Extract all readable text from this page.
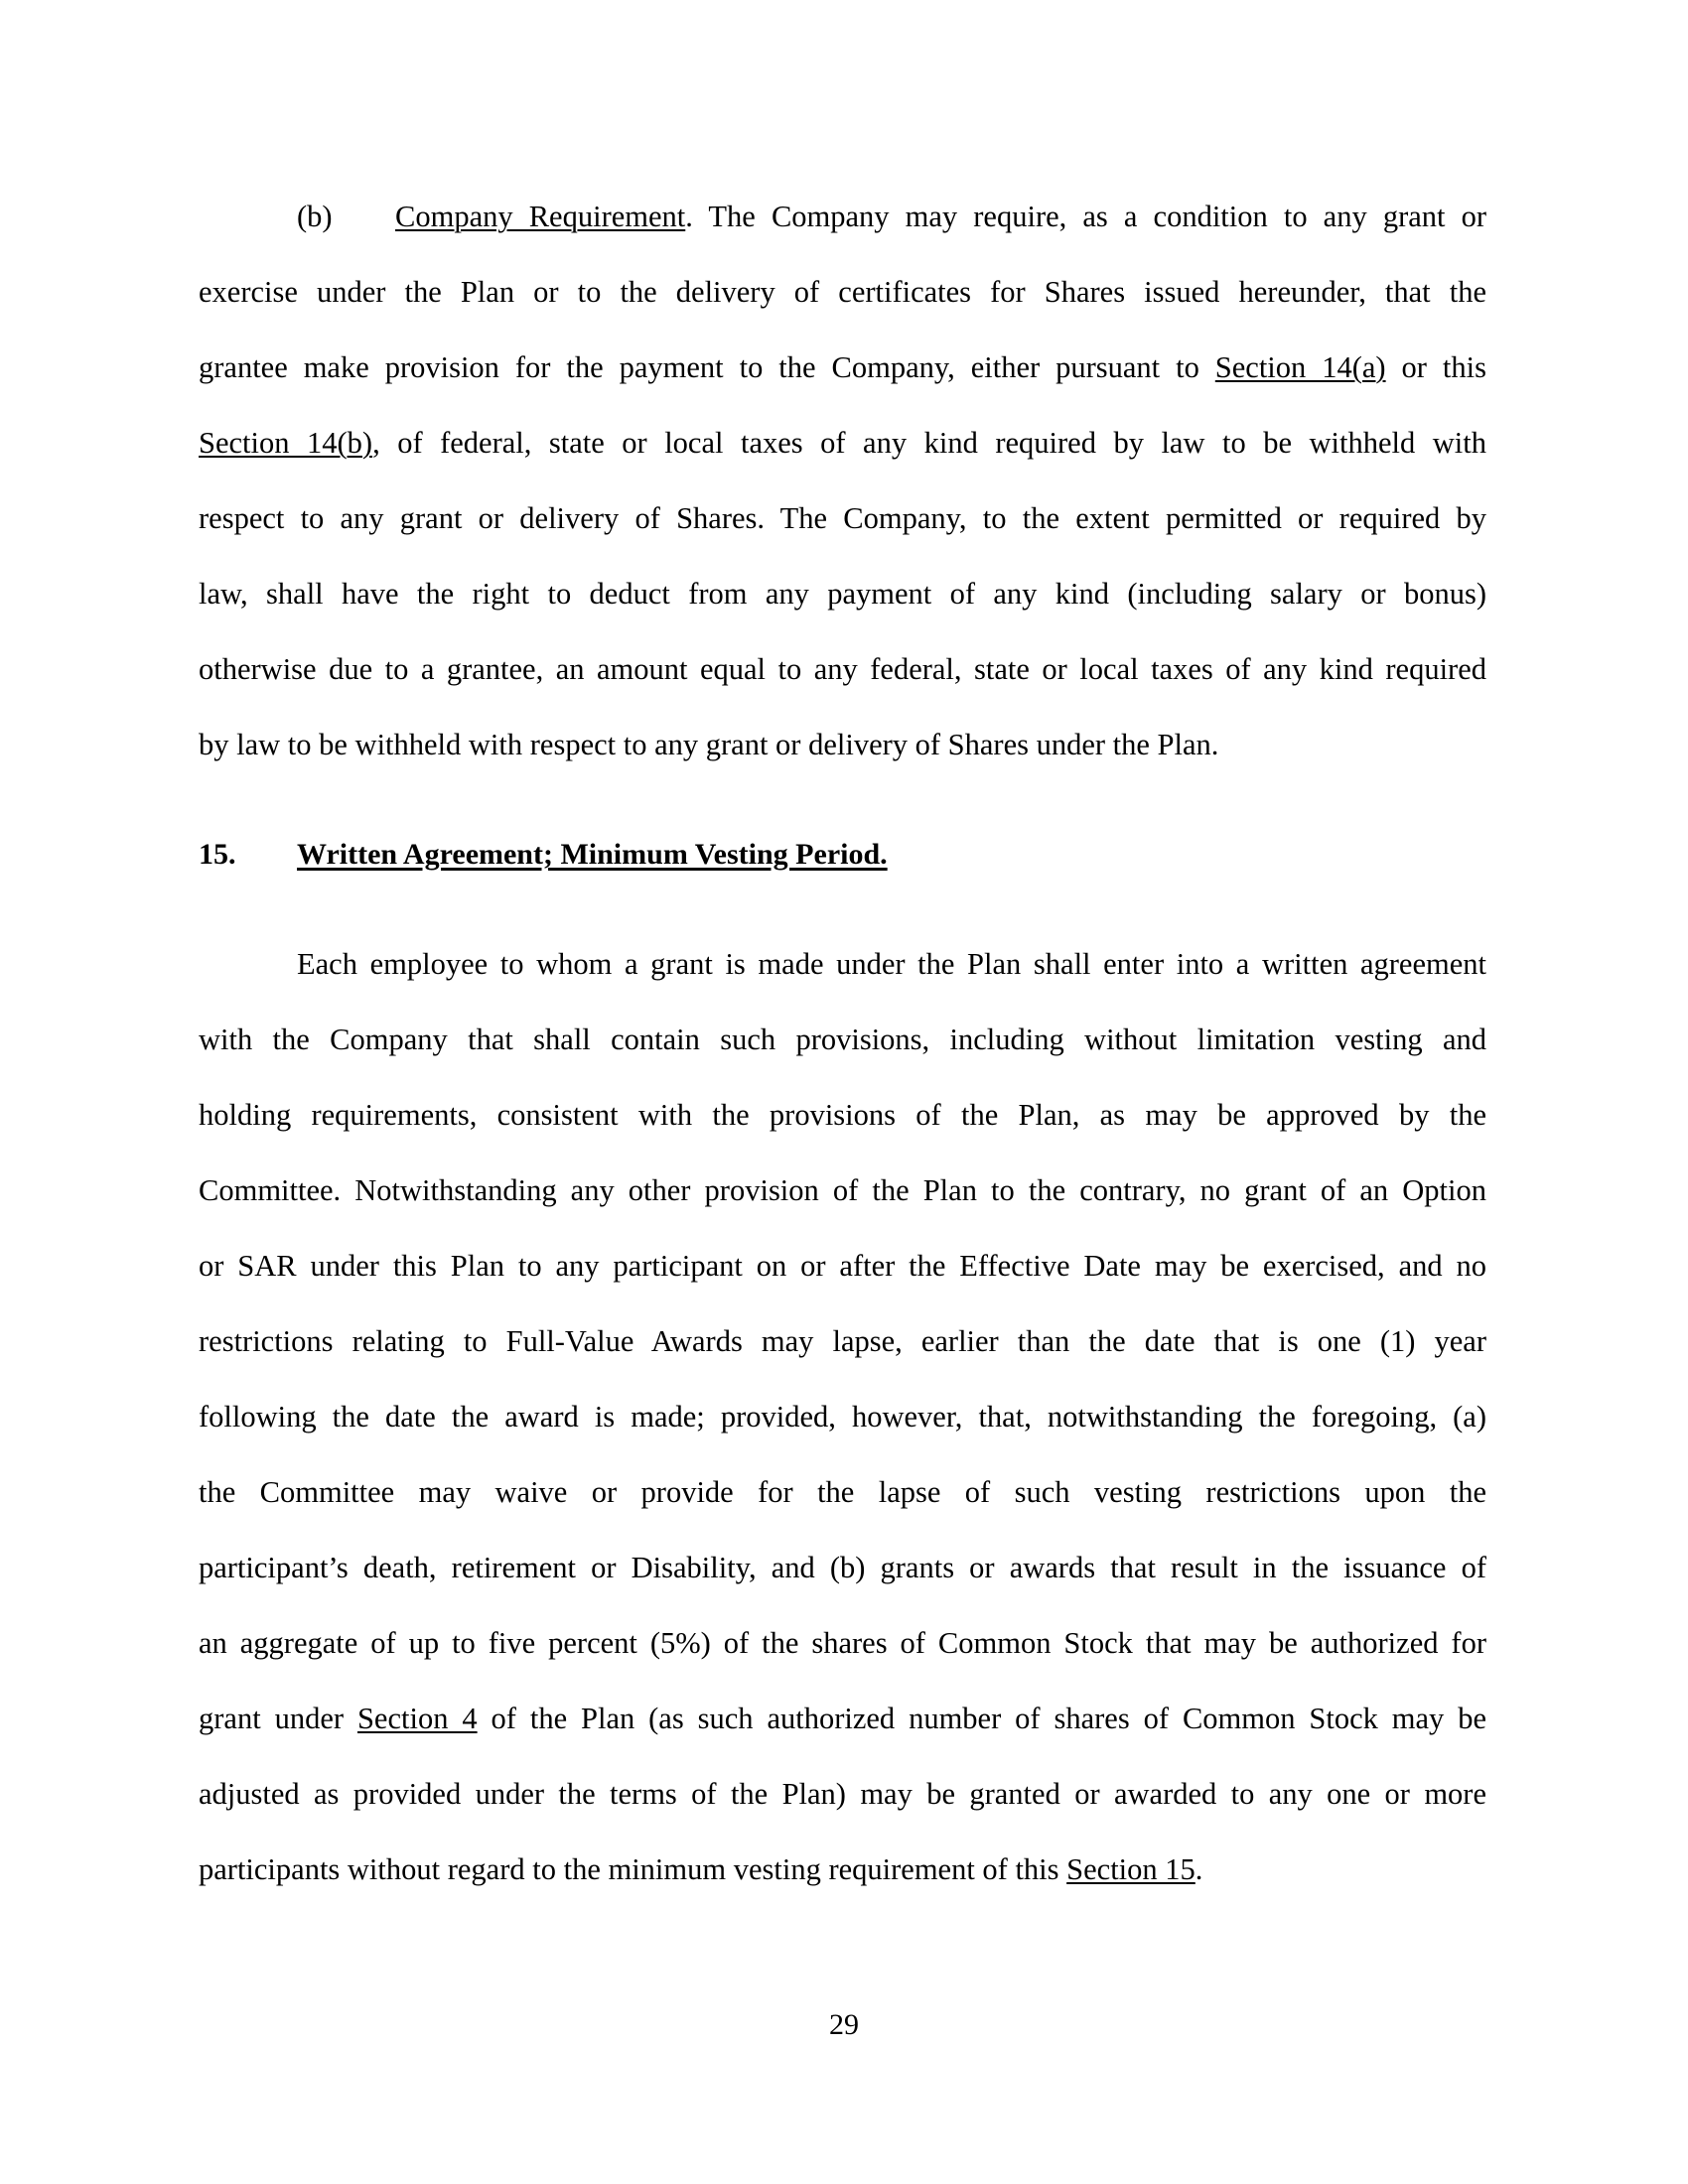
(b) Company Requirement. The Company may require, as a condition to any grant or
exercise under the Plan or to the delivery of certificates for Shares issued hereunder, that the
grantee make provision for the payment to the Company, either pursuant to Section 14(a) or this
Section 14(b), of federal, state or local taxes of any kind required by law to be withheld with
respect to any grant or delivery of Shares. The Company, to the extent permitted or required by
law, shall have the right to deduct from any payment of any kind (including salary or bonus)
otherwise due to a grantee, an amount equal to any federal, state or local taxes of any kind required
by law to be withheld with respect to any grant or delivery of Shares under the Plan.
15. Written Agreement; Minimum Vesting Period.
Each employee to whom a grant is made under the Plan shall enter into a written agreement
with the Company that shall contain such provisions, including without limitation vesting and
holding requirements, consistent with the provisions of the Plan, as may be approved by the
Committee. Notwithstanding any other provision of the Plan to the contrary, no grant of an Option
or SAR under this Plan to any participant on or after the Effective Date may be exercised, and no
restrictions relating to Full-Value Awards may lapse, earlier than the date that is one (1) year
following the date the award is made; provided, however, that, notwithstanding the foregoing, (a)
the Committee may waive or provide for the lapse of such vesting restrictions upon the
participant’s death, retirement or Disability, and (b) grants or awards that result in the issuance of
an aggregate of up to five percent (5%) of the shares of Common Stock that may be authorized for
grant under Section 4 of the Plan (as such authorized number of shares of Common Stock may be
adjusted as provided under the terms of the Plan) may be granted or awarded to any one or more
participants without regard to the minimum vesting requirement of this Section 15.
29
